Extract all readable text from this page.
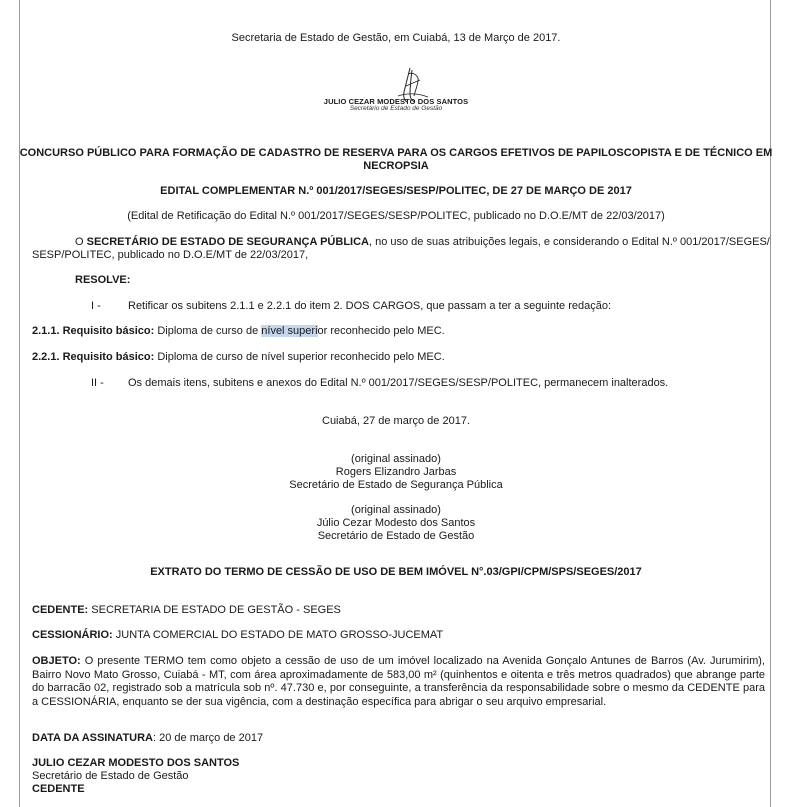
Secretaria de Estado de Gestão, em Cuiabá, 13 de Março de 2017.
JULIO CEZAR MODESTO DOS SANTOS
Secretário de Estado de Gestão
CONCURSO PÚBLICO PARA FORMAÇÃO DE CADASTRO DE RESERVA PARA OS CARGOS EFETIVOS DE PAPILOSCOPISTA E DE TÉCNICO EM
NECROPSIA
EDITAL COMPLEMENTAR N.º 001/2017/SEGES/SESP/POLITEC, DE 27 DE MARÇO DE 2017
(Edital de Retificação do Edital N.º 001/2017/SEGES/SESP/POLITEC, publicado no D.O.E/MT de 22/03/2017)
O SECRETÁRIO DE ESTADO DE SEGURANÇA PÚBLICA, no uso de suas atribuições legais, e considerando o Edital N.º 001/2017/SEGES/
SESP/POLITEC, publicado no D.O.E/MT de 22/03/2017,
RESOLVE:
I - Retificar os subitens 2.1.1 e 2.2.1 do item 2. DOS CARGOS, que passam a ter a seguinte redação:
2.1.1. Requisito básico: Diploma de curso de nível superior reconhecido pelo MEC.
2.2.1. Requisito básico: Diploma de curso de nível superior reconhecido pelo MEC.
II - Os demais itens, subitens e anexos do Edital N.º 001/2017/SEGES/SESP/POLITEC, permanecem inalterados.
Cuiabá, 27 de março de 2017.
(original assinado)
Rogers Elizandro Jarbas
Secretário de Estado de Segurança Pública
(original assinado)
Júlio Cezar Modesto dos Santos
Secretário de Estado de Gestão
EXTRATO DO TERMO DE CESSÃO DE USO DE BEM IMÓVEL N°.03/GPI/CPM/SPS/SEGES/2017
CEDENTE: SECRETARIA DE ESTADO DE GESTÃO - SEGES
CESSIONÁRIO: JUNTA COMERCIAL DO ESTADO DE MATO GROSSO-JUCEMAT
OBJETO: O presente TERMO tem como objeto a cessão de uso de um imóvel localizado na Avenida Gonçalo Antunes de Barros (Av. Jurumirim), Bairro Novo Mato Grosso, Cuiabá - MT, com área aproximadamente de 583,00 m² (quinhentos e oitenta e três metros quadrados) que abrange parte do barracão 02, registrado sob a matrícula sob nº. 47.730 e, por conseguinte, a transferência da responsabilidade sobre o mesmo da CEDENTE para a CESSIONÁRIA, enquanto se der sua vigência, com a destinação específica para abrigar o seu arquivo empresarial.
DATA DA ASSINATURA: 20 de março de 2017
JULIO CEZAR MODESTO DOS SANTOS
Secretário de Estado de Gestão
CEDENTE
